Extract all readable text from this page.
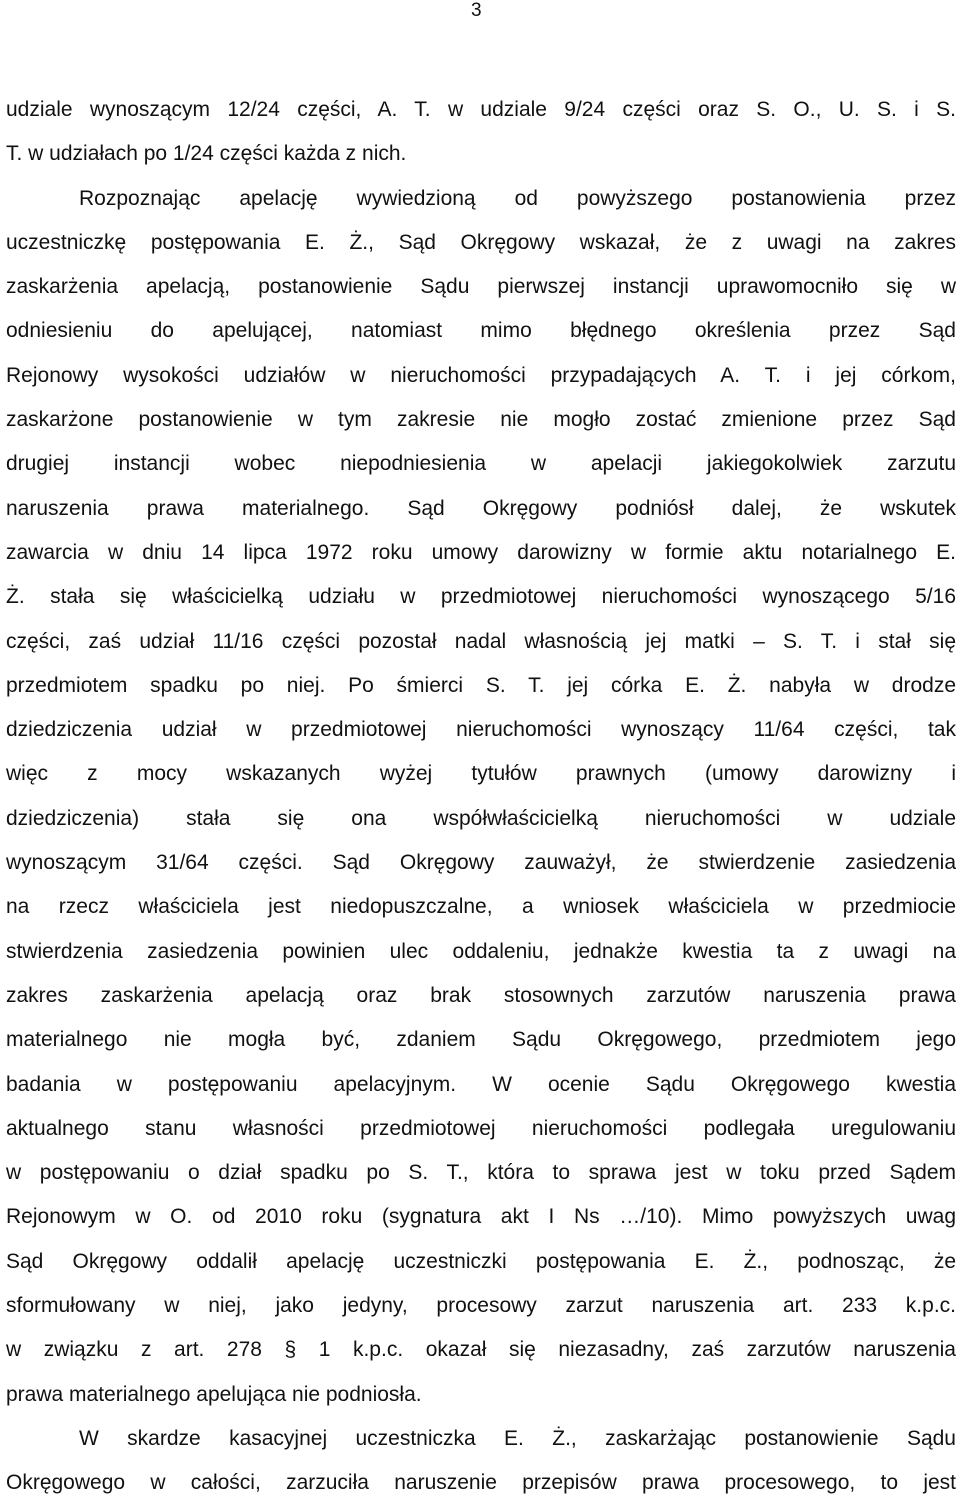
3
udziale wynoszącym 12/24 części, A. T. w udziale 9/24 części oraz S. O., U. S. i S.
T. w udziałach po 1/24 części każda z nich.
Rozpoznając apelację wywiedzioną od powyższego postanowienia przez
uczestniczkę postępowania E. Ż., Sąd Okręgowy wskazał, że z uwagi na zakres
zaskarżenia apelacją, postanowienie Sądu pierwszej instancji uprawomocniło się w
odniesieniu do apelującej, natomiast mimo błędnego określenia przez Sąd
Rejonowy wysokości udziałów w nieruchomości przypadających A. T. i jej córkom,
zaskarżone postanowienie w tym zakresie nie mogło zostać zmienione przez Sąd
drugiej instancji wobec niepodniesienia w apelacji jakiegokolwiek zarzutu
naruszenia prawa materialnego. Sąd Okręgowy podniósł dalej, że wskutek
zawarcia w dniu 14 lipca 1972 roku umowy darowizny w formie aktu notarialnego E.
Ż. stała się właścicielką udziału w przedmiotowej nieruchomości wynoszącego 5/16
części, zaś udział 11/16 części pozostał nadal własnością jej matki – S. T. i stał się
przedmiotem spadku po niej. Po śmierci S. T. jej córka E. Ż. nabyła w drodze
dziedziczenia udział w przedmiotowej nieruchomości wynoszący 11/64 części, tak
więc z mocy wskazanych wyżej tytułów prawnych (umowy darowizny i
dziedziczenia) stała się ona współwłaścicielką nieruchomości w udziale
wynoszącym 31/64 części. Sąd Okręgowy zauważył, że stwierdzenie zasiedzenia
na rzecz właściciela jest niedopuszczalne, a wniosek właściciela w przedmiocie
stwierdzenia zasiedzenia powinien ulec oddaleniu, jednakże kwestia ta z uwagi na
zakres zaskarżenia apelacją oraz brak stosownych zarzutów naruszenia prawa
materialnego nie mogła być, zdaniem Sądu Okręgowego, przedmiotem jego
badania w postępowaniu apelacyjnym. W ocenie Sądu Okręgowego kwestia
aktualnego stanu własności przedmiotowej nieruchomości podlegała uregulowaniu
w postępowaniu o dział spadku po S. T., która to sprawa jest w toku przed Sądem
Rejonowym w O. od 2010 roku (sygnatura akt I Ns …/10). Mimo powyższych uwag
Sąd Okręgowy oddalił apelację uczestniczki postępowania E. Ż., podnosząc, że
sformułowany w niej, jako jedyny, procesowy zarzut naruszenia art. 233 k.p.c.
w związku z art. 278 § 1 k.p.c. okazał się niezasadny, zaś zarzutów naruszenia
prawa materialnego apelująca nie podniosła.
W skardze kasacyjnej uczestniczka E. Ż., zaskarżając postanowienie Sądu
Okręgowego w całości, zarzuciła naruszenie przepisów prawa procesowego, to jest
